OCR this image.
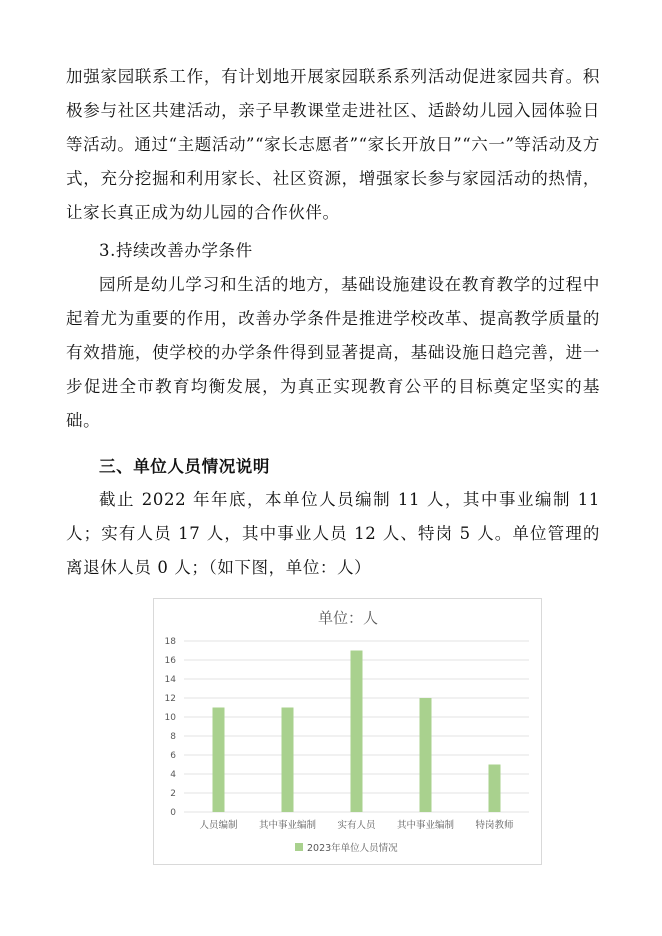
加强家园联系工作，有计划地开展家园联系系列活动促进家园共育。积极参与社区共建活动，亲子早教课堂走进社区、适龄幼儿园入园体验日等活动。通过“主题活动”“家长志愿者”“家长开放日”“六一”等活动及方式，充分挖掘和利用家长、社区资源，增强家长参与家园活动的热情，让家长真正成为幼儿园的合作伙伴。

3.持续改善办学条件

园所是幼儿学习和生活的地方，基础设施建设在教育教学的过程中起着尤为重要的作用，改善办学条件是推进学校改革、提高教学质量的有效措施，使学校的办学条件得到显著提高，基础设施日趋完善，进一步促进全市教育均衡发展，为真正实现教育公平的目标奠定坚实的基础。

三、单位人员情况说明

截止 2022 年年底，本单位人员编制 11 人，其中事业编制 11 人；实有人员 17 人，其中事业人员 12 人、特岗 5 人。单位管理的离退休人员 0 人；（如下图，单位：人）

单位：人
0
2
4
6
8
10
12
14
16
18
人员编制 其中事业编制 实有人员 其中事业编制 特岗教师
2023年单位人员情况
